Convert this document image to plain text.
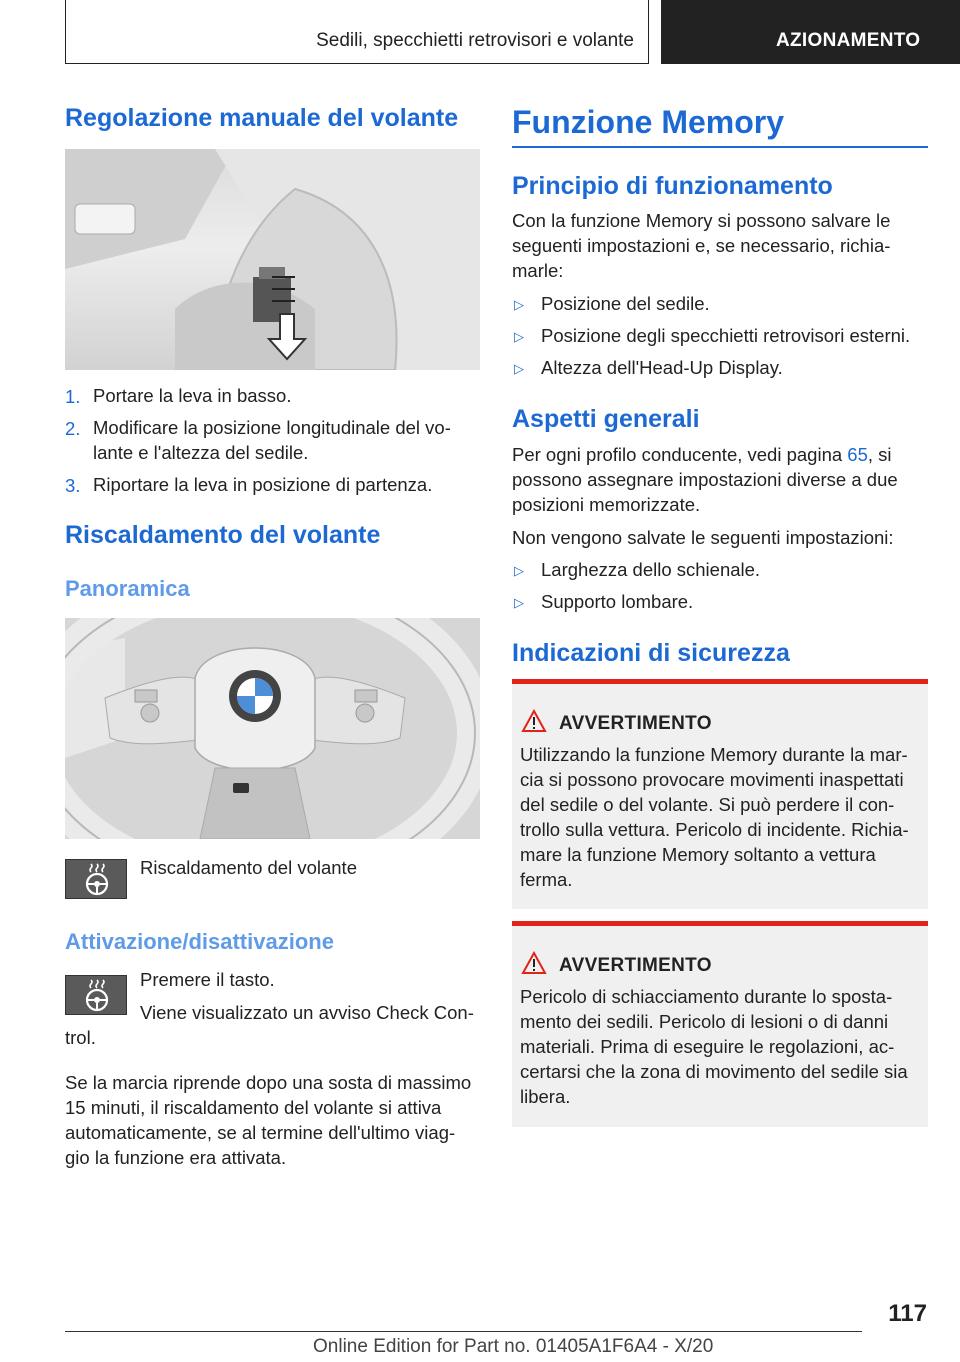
Sedili, specchietti retrovisori e volante	AZIONAMENTO
Regolazione manuale del volante
1. Portare la leva in basso.
2. Modificare la posizione longitudinale del vo-
lante e l'altezza del sedile.
3. Riportare la leva in posizione di partenza.
Riscaldamento del volante
Panoramica
Riscaldamento del volante
Attivazione/disattivazione
Premere il tasto.
Viene visualizzato un avviso Check Con-
trol.
Se la marcia riprende dopo una sosta di massimo
15 minuti, il riscaldamento del volante si attiva
automaticamente, se al termine dell'ultimo viag-
gio la funzione era attivata.
Funzione Memory
Principio di funzionamento
Con la funzione Memory si possono salvare le
seguenti impostazioni e, se necessario, richia-
marle:
▷ Posizione del sedile.
▷ Posizione degli specchietti retrovisori esterni.
▷ Altezza dell'Head-Up Display.
Aspetti generali
Per ogni profilo conducente, vedi pagina 65, si
possono assegnare impostazioni diverse a due
posizioni memorizzate.
Non vengono salvate le seguenti impostazioni:
▷ Larghezza dello schienale.
▷ Supporto lombare.
Indicazioni di sicurezza
AVVERTIMENTO
Utilizzando la funzione Memory durante la mar-
cia si possono provocare movimenti inaspettati
del sedile o del volante. Si può perdere il con-
trollo sulla vettura. Pericolo di incidente. Richia-
mare la funzione Memory soltanto a vettura
ferma.
AVVERTIMENTO
Pericolo di schiacciamento durante lo sposta-
mento dei sedili. Pericolo di lesioni o di danni
materiali. Prima di eseguire le regolazioni, ac-
certarsi che la zona di movimento del sedile sia
libera.
117
Online Edition for Part no. 01405A1F6A4 - X/20
